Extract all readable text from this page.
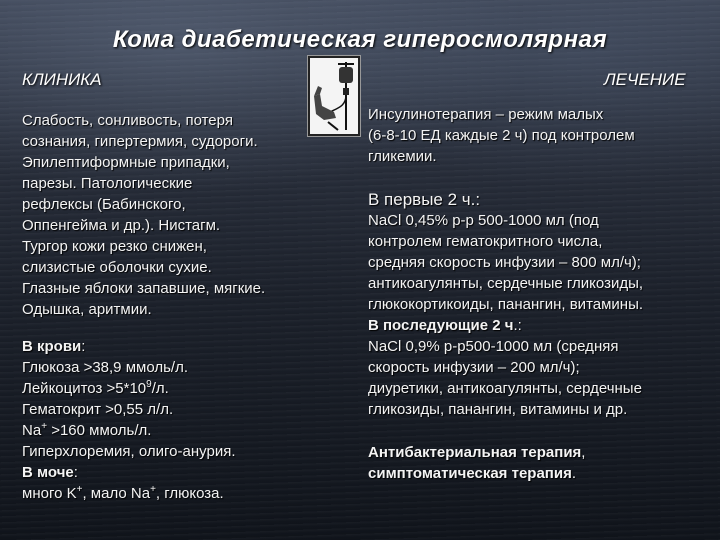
Кома диабетическая гиперосмолярная
КЛИНИКА	ЛЕЧЕНИЕ
Слабость, сонливость, потеря
сознания, гипертермия, судороги.
Эпилептиформные припадки,
парезы. Патологические
рефлексы (Бабинского,
Оппенгейма и др.). Нистагм.
Тургор кожи резко снижен,
слизистые оболочки сухие.
Глазные яблоки запавшие, мягкие.
Одышка, аритмии.
В крови:
Глюкоза >38,9 ммоль/л.
Лейкоцитоз $>5*10^9/л$.
Гематокрит >0,55 л/л.
Na+ >160 ммоль/л.
Гиперхлоремия, олиго-анурия.
В моче:
много K+, мало Na+, глюкоза.
Инсулинотерапия – режим малых
(6-8-10 ЕД каждые 2 ч) под контролем
гликемии.
В первые 2 ч.:
NaCl 0,45% р-р 500-1000 мл (под
контролем гематокритного числа,
средняя скорость инфузии – 800 мл/ч);
антикоагулянты, сердечные гликозиды,
глюкокортикоиды, панангин, витамины.
В последующие 2 ч.:
NaCl 0,9% р-р500-1000 мл (средняя
скорость инфузии – 200 мл/ч);
диуретики, антикоагулянты, сердечные
гликозиды, панангин, витамины и др.
Антибактериальная терапия,
симптоматическая терапия.
